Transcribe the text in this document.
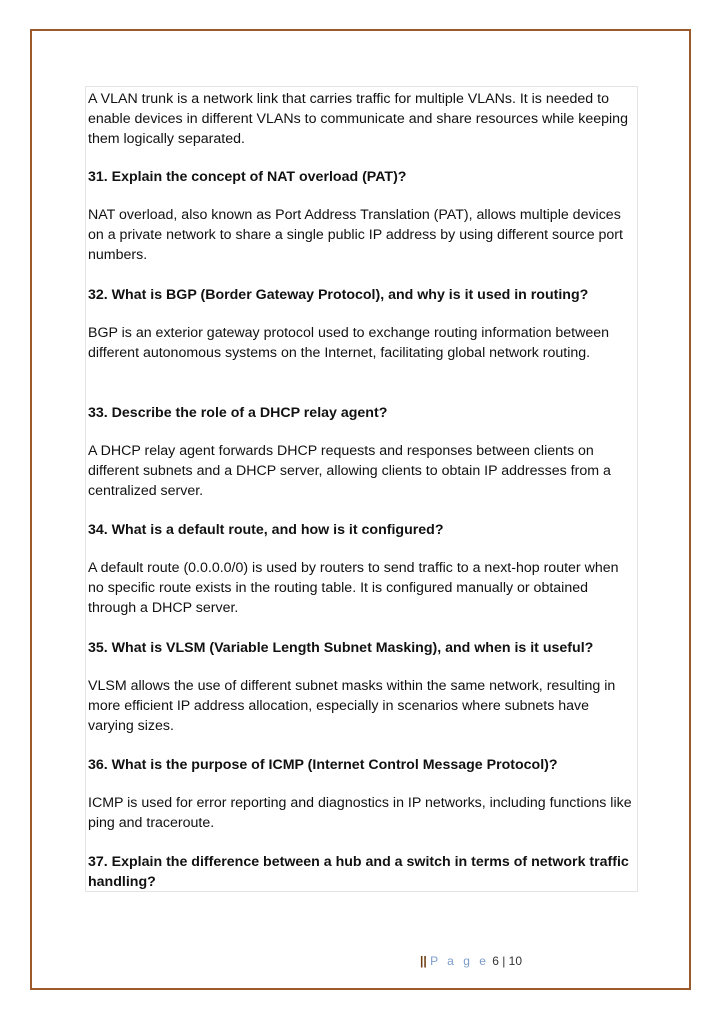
A VLAN trunk is a network link that carries traffic for multiple VLANs. It is needed to enable devices in different VLANs to communicate and share resources while keeping them logically separated.

31. Explain the concept of NAT overload (PAT)?

NAT overload, also known as Port Address Translation (PAT), allows multiple devices on a private network to share a single public IP address by using different source port numbers.

32. What is BGP (Border Gateway Protocol), and why is it used in routing?

BGP is an exterior gateway protocol used to exchange routing information between different autonomous systems on the Internet, facilitating global network routing.

33. Describe the role of a DHCP relay agent?

A DHCP relay agent forwards DHCP requests and responses between clients on different subnets and a DHCP server, allowing clients to obtain IP addresses from a centralized server.

34. What is a default route, and how is it configured?

A default route (0.0.0.0/0) is used by routers to send traffic to a next-hop router when no specific route exists in the routing table. It is configured manually or obtained through a DHCP server.

35. What is VLSM (Variable Length Subnet Masking), and when is it useful?

VLSM allows the use of different subnet masks within the same network, resulting in more efficient IP address allocation, especially in scenarios where subnets have varying sizes.

36. What is the purpose of ICMP (Internet Control Message Protocol)?

ICMP is used for error reporting and diagnostics in IP networks, including functions like ping and traceroute.

37. Explain the difference between a hub and a switch in terms of network traffic handling?

|| P a g e 6 | 10
